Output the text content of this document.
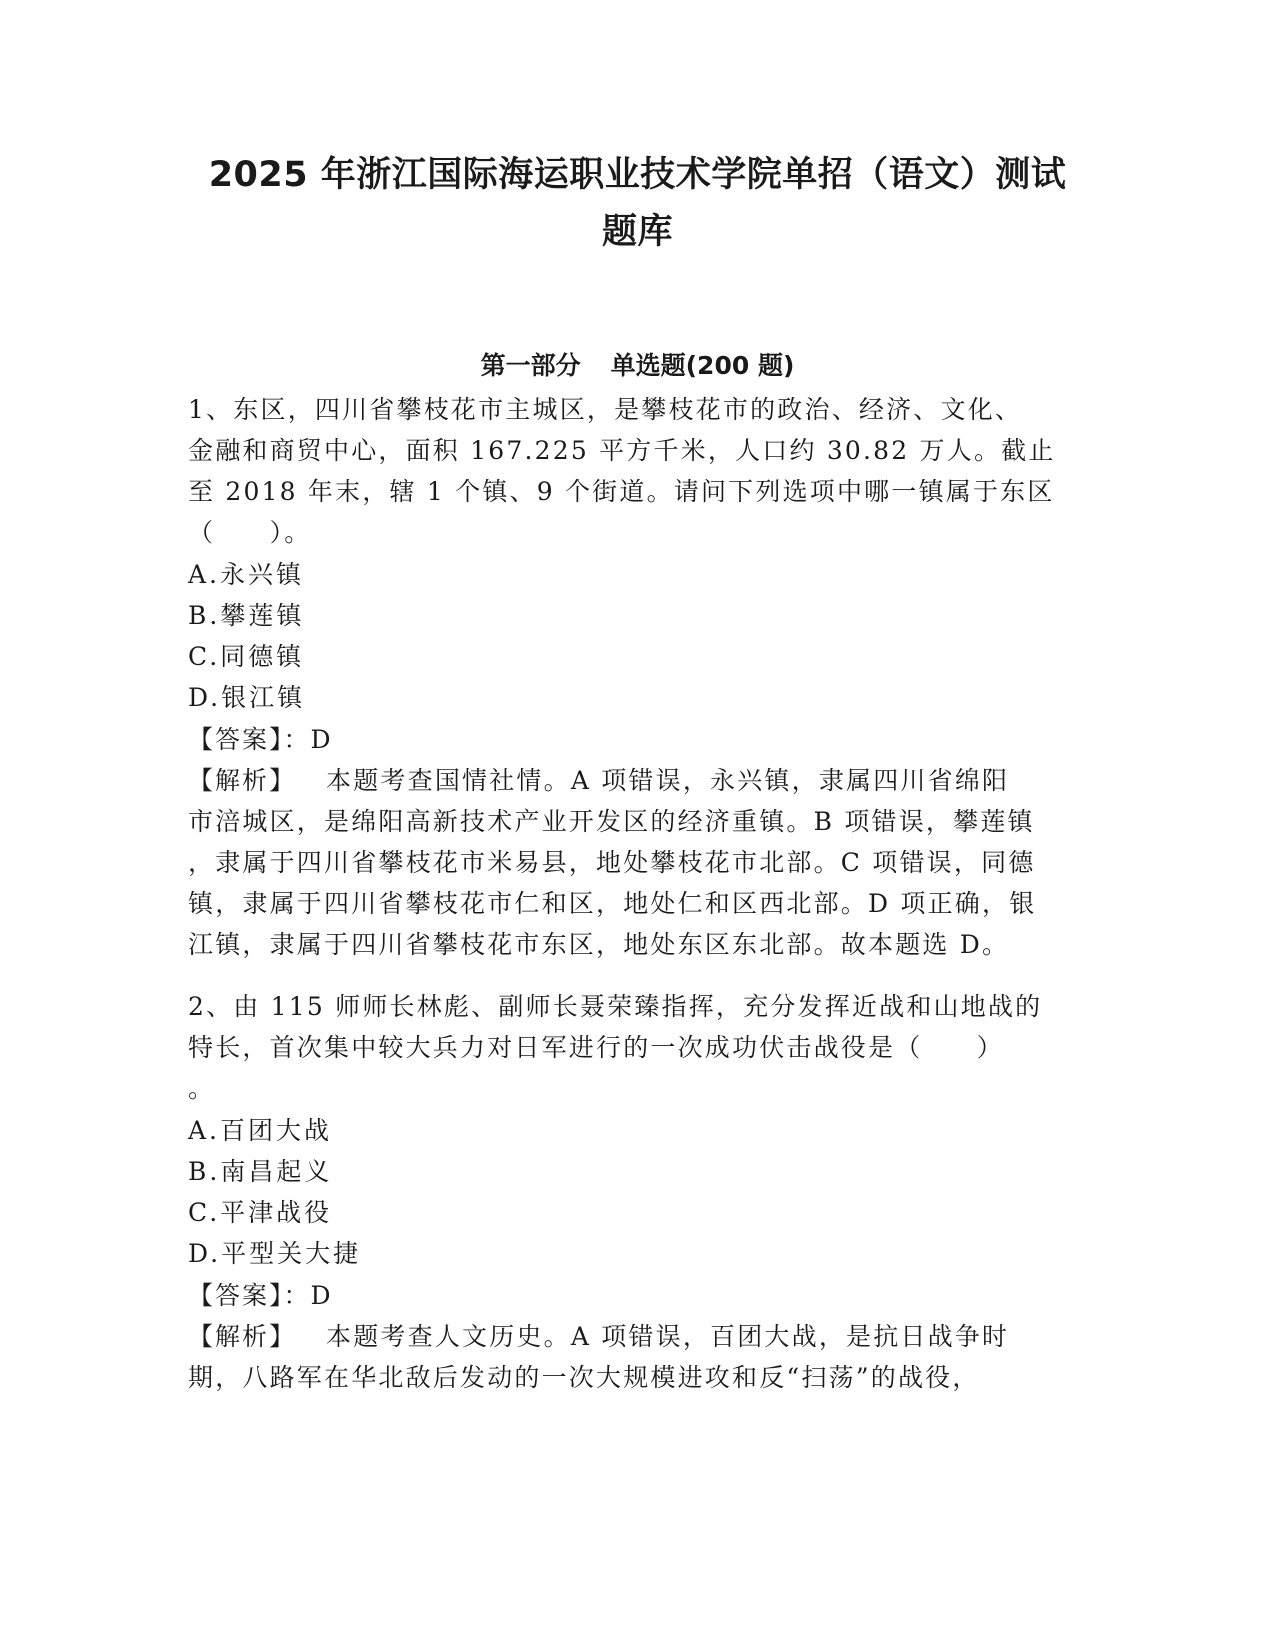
2025 年浙江国际海运职业技术学院单招（语文）测试
题库
第一部分 单选题(200 题)

1、东区，四川省攀枝花市主城区，是攀枝花市的政治、经济、文化、

金融和商贸中心，面积 167.225 平方千米，人口约 30.82 万人。截止

至 2018 年末，辖 1 个镇、9 个街道。请问下列选项中哪一镇属于东区

（　　）。

A.永兴镇

B.攀莲镇

C.同德镇

D.银江镇

【答案】：D

【解析】 本题考查国情社情。A 项错误，永兴镇，隶属四川省绵阳

市涪城区，是绵阳高新技术产业开发区的经济重镇。B 项错误，攀莲镇

，隶属于四川省攀枝花市米易县，地处攀枝花市北部。C 项错误，同德

镇，隶属于四川省攀枝花市仁和区，地处仁和区西北部。D 项正确，银

江镇，隶属于四川省攀枝花市东区，地处东区东北部。故本题选 D。

2、由 115 师师长林彪、副师长聂荣臻指挥，充分发挥近战和山地战的

特长，首次集中较大兵力对日军进行的一次成功伏击战役是（　　）

。

A.百团大战

B.南昌起义

C.平津战役

D.平型关大捷

【答案】：D

【解析】 本题考查人文历史。A 项错误，百团大战，是抗日战争时

期，八路军在华北敌后发动的一次大规模进攻和反“扫荡”的战役，
